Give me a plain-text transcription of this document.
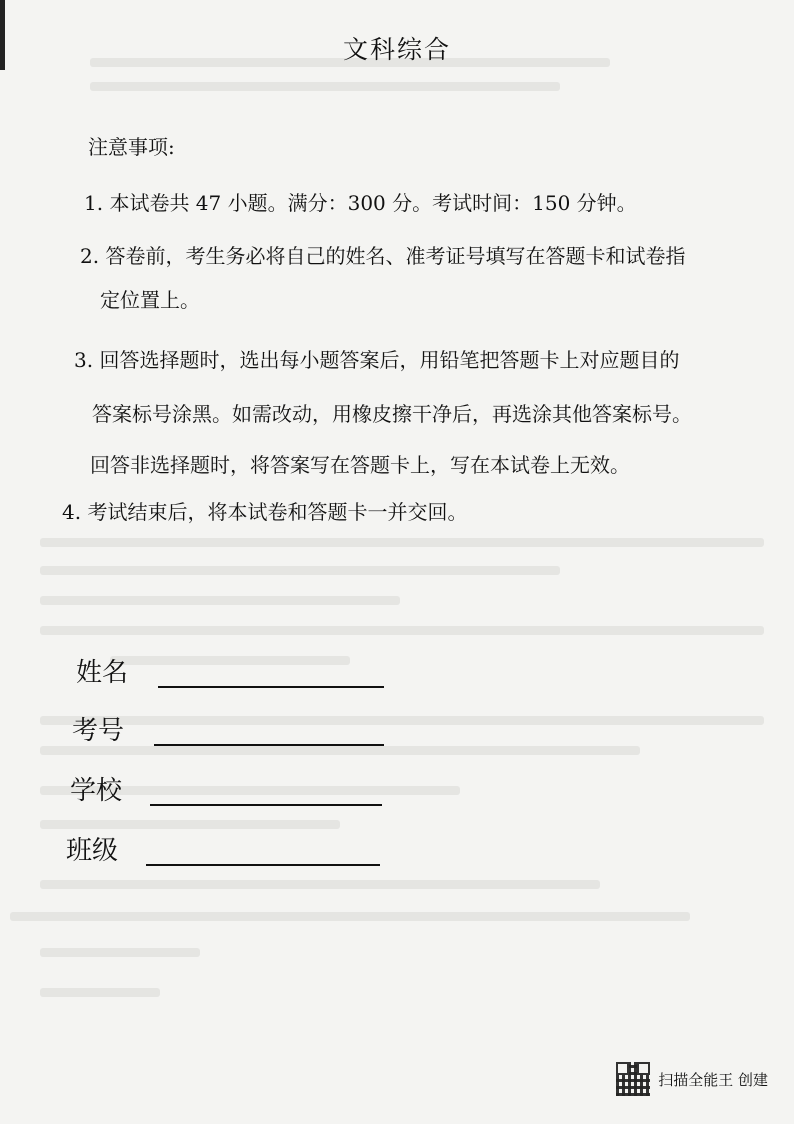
文科综合
注意事项:
1. 本试卷共 47 小题。满分：300 分。考试时间：150 分钟。
2. 答卷前，考生务必将自己的姓名、准考证号填写在答题卡和试卷指
定位置上。
3. 回答选择题时，选出每小题答案后，用铅笔把答题卡上对应题目的
答案标号涂黑。如需改动，用橡皮擦干净后，再选涂其他答案标号。
回答非选择题时，将答案写在答题卡上，写在本试卷上无效。
4. 考试结束后，将本试卷和答题卡一并交回。
姓名
考号
学校
班级
扫描全能王 创建
